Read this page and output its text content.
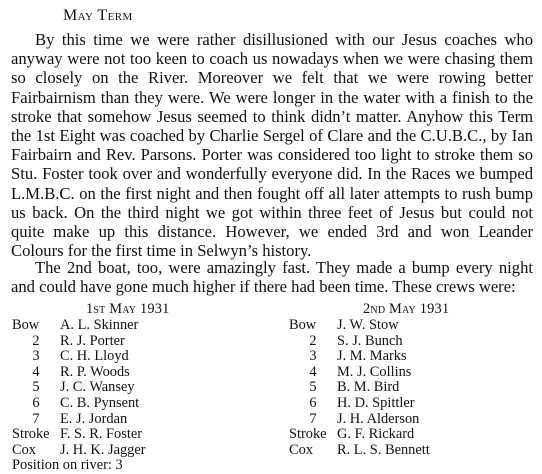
May Term

By this time we were rather disillusioned with our Jesus coaches who anyway were not too keen to coach us nowadays when we were chasing them so closely on the River. Moreover we felt that we were rowing better Fairbairnism than they were. We were longer in the water with a finish to the stroke that somehow Jesus seemed to think didn’t matter. Anyhow this Term the 1st Eight was coached by Charlie Sergel of Clare and the C.U.B.C., by Ian Fairbairn and Rev. Parsons. Porter was considered too light to stroke them so Stu. Foster took over and wonderfully everyone did. In the Races we bumped L.M.B.C. on the first night and then fought off all later attempts to rush bump us back. On the third night we got within three feet of Jesus but could not quite make up this distance. However, we ended 3rd and won Leander Colours for the first time in Selwyn’s history.

The 2nd boat, too, were amazingly fast. They made a bump every night and could have gone much higher if there had been time. These crews were:

1st May 1931
Bow	A. L. Skinner
2	R. J. Porter
3	C. H. Lloyd
4	R. P. Woods
5	J. C. Wansey
6	C. B. Pynsent
7	E. J. Jordan
Stroke F. S. R. Foster
Cox	J. H. K. Jagger
Position on river: 3
2nd May 1931
Bow	J. W. Stow
2	S. J. Bunch
3	J. M. Marks
4	M. J. Collins
5	B. M. Bird
6	H. D. Spittler
7	J. H. Alderson
Stroke G. F. Rickard
Cox	R. L. S. Bennett
